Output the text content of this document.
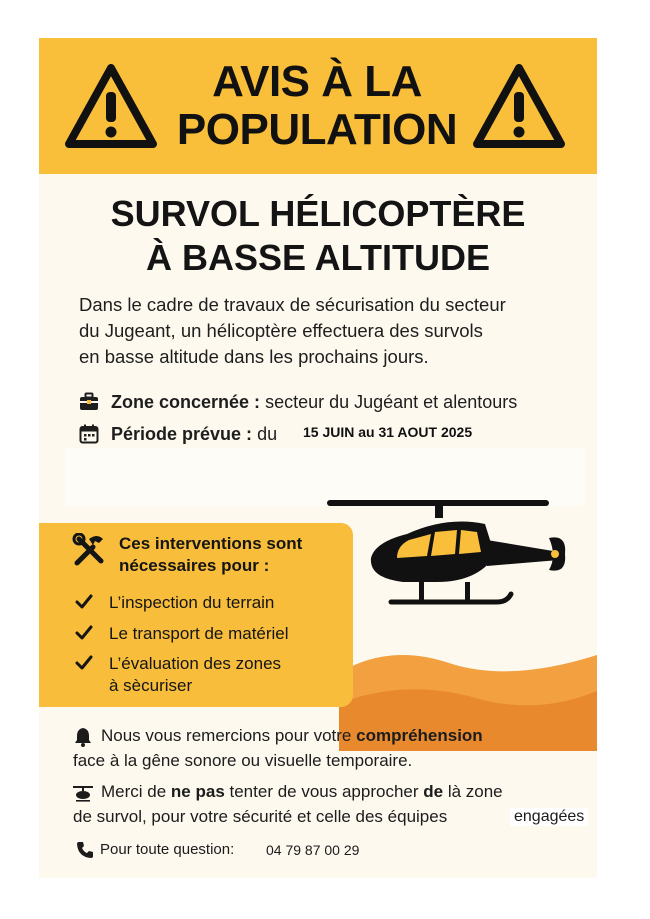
AVIS À LA
POPULATION
SURVOL HÉLICOPTÈRE
À BASSE ALTITUDE
Dans le cadre de travaux de sécurisation du secteur
du Jugeant, un hélicoptère effectuera des survols
en basse altitude dans les prochains jours.
Zone concernée : secteur du Jugéant et alentours
Période prévue : du 15 JUIN au 31 AOUT 2025
Ces interventions sont
nécessaires pour :
L’inspection du terrain
Le transport de matériel
L’évaluation des zones
à sècuriser
Nous vous remercions pour votre compréhension
face à la gêne sonore ou visuelle temporaire.
Merci de ne pas tenter de vous approcher de là zone
de survol, pour votre sécurité et celle des équipes
Pour toute question: 04 79 87 00 29
engagées
